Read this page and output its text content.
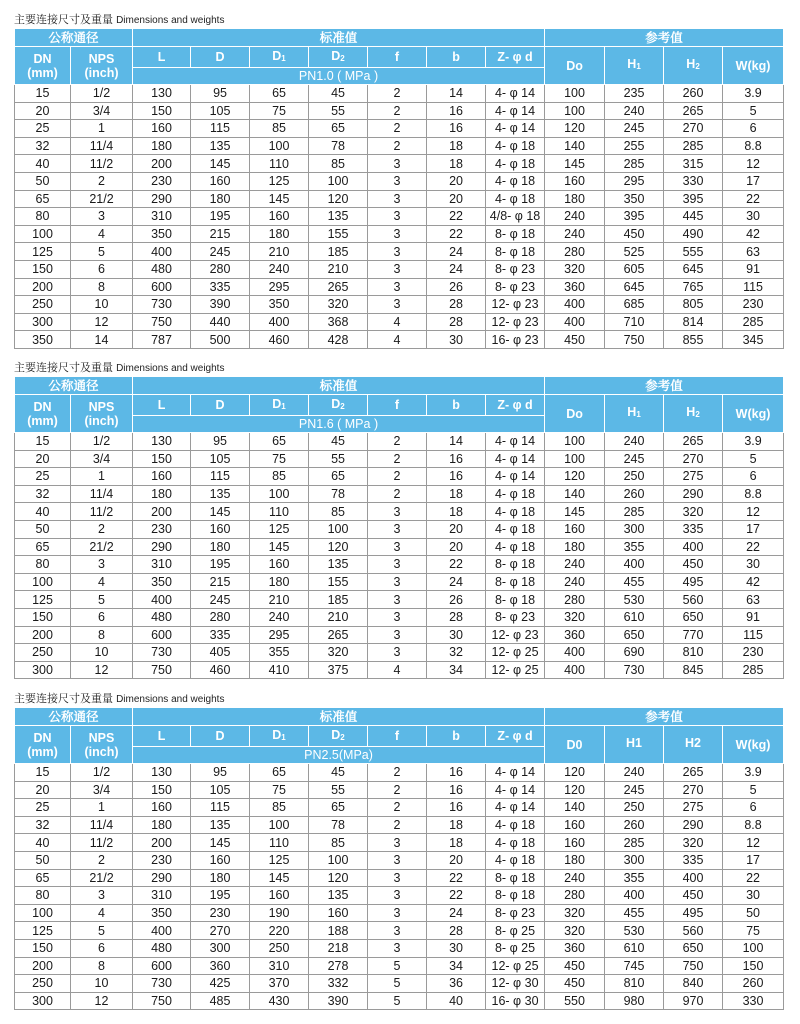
主要连接尺寸及重量 Dimensions and weights
公称通径		标准值							参考值			
DN
(mm)	NPS
(inch)	L	D	$D_1$	$D_2$	f	b	Z- φ d	Do	$H_1$	$H_2$	W(kg)
		PN1.0 ( MPa )										
15	1/2	130	95	65	45	2	14	4- φ 14	100	235	260	3.9
20	3/4	150	105	75	55	2	16	4- φ 14	100	240	265	5
25	1	160	115	85	65	2	16	4- φ 14	120	245	270	6
32	11/4	180	135	100	78	2	18	4- φ 18	140	255	285	8.8
40	11/2	200	145	110	85	3	18	4- φ 18	145	285	315	12
50	2	230	160	125	100	3	20	4- φ 18	160	295	330	17
65	21/2	290	180	145	120	3	20	4- φ 18	180	350	395	22
80	3	310	195	160	135	3	22	4/8- φ 18	240	395	445	30
100	4	350	215	180	155	3	22	8- φ 18	240	450	490	42
125	5	400	245	210	185	3	24	8- φ 18	280	525	555	63
150	6	480	280	240	210	3	24	8- φ 23	320	605	645	91
200	8	600	335	295	265	3	26	8- φ 23	360	645	765	115
250	10	730	390	350	320	3	28	12- φ 23	400	685	805	230
300	12	750	440	400	368	4	28	12- φ 23	400	710	814	285
350	14	787	500	460	428	4	30	16- φ 23	450	750	855	345
主要连接尺寸及重量 Dimensions and weights
公称通径		标准值							参考值			
DN
(mm)	NPS
(inch)	L	D	$D_1$	$D_2$	f	b	Z- φ d	Do	$H_1$	$H_2$	W(kg)
		PN1.6 ( MPa )										
15	1/2	130	95	65	45	2	14	4- φ 14	100	240	265	3.9
20	3/4	150	105	75	55	2	16	4- φ 14	100	245	270	5
25	1	160	115	85	65	2	16	4- φ 14	120	250	275	6
32	11/4	180	135	100	78	2	18	4- φ 18	140	260	290	8.8
40	11/2	200	145	110	85	3	18	4- φ 18	145	285	320	12
50	2	230	160	125	100	3	20	4- φ 18	160	300	335	17
65	21/2	290	180	145	120	3	20	4- φ 18	180	355	400	22
80	3	310	195	160	135	3	22	8- φ 18	240	400	450	30
100	4	350	215	180	155	3	24	8- φ 18	240	455	495	42
125	5	400	245	210	185	3	26	8- φ 18	280	530	560	63
150	6	480	280	240	210	3	28	8- φ 23	320	610	650	91
200	8	600	335	295	265	3	30	12- φ 23	360	650	770	115
250	10	730	405	355	320	3	32	12- φ 25	400	690	810	230
300	12	750	460	410	375	4	34	12- φ 25	400	730	845	285
主要连接尺寸及重量 Dimensions and weights
公称通径		标准值							参考值			
DN
(mm)	NPS
(inch)	L	D	$D_1$	$D_2$	f	b	Z- φ d	D0	H1	H2	W(kg)
		PN2.5(MPa)										
15	1/2	130	95	65	45	2	16	4- φ 14	120	240	265	3.9
20	3/4	150	105	75	55	2	16	4- φ 14	120	245	270	5
25	1	160	115	85	65	2	16	4- φ 14	140	250	275	6
32	11/4	180	135	100	78	2	18	4- φ 18	160	260	290	8.8
40	11/2	200	145	110	85	3	18	4- φ 18	160	285	320	12
50	2	230	160	125	100	3	20	4- φ 18	180	300	335	17
65	21/2	290	180	145	120	3	22	8- φ 18	240	355	400	22
80	3	310	195	160	135	3	22	8- φ 18	280	400	450	30
100	4	350	230	190	160	3	24	8- φ 23	320	455	495	50
125	5	400	270	220	188	3	28	8- φ 25	320	530	560	75
150	6	480	300	250	218	3	30	8- φ 25	360	610	650	100
200	8	600	360	310	278	5	34	12- φ 25	450	745	750	150
250	10	730	425	370	332	5	36	12- φ 30	450	810	840	260
300	12	750	485	430	390	5	40	16- φ 30	550	980	970	330
